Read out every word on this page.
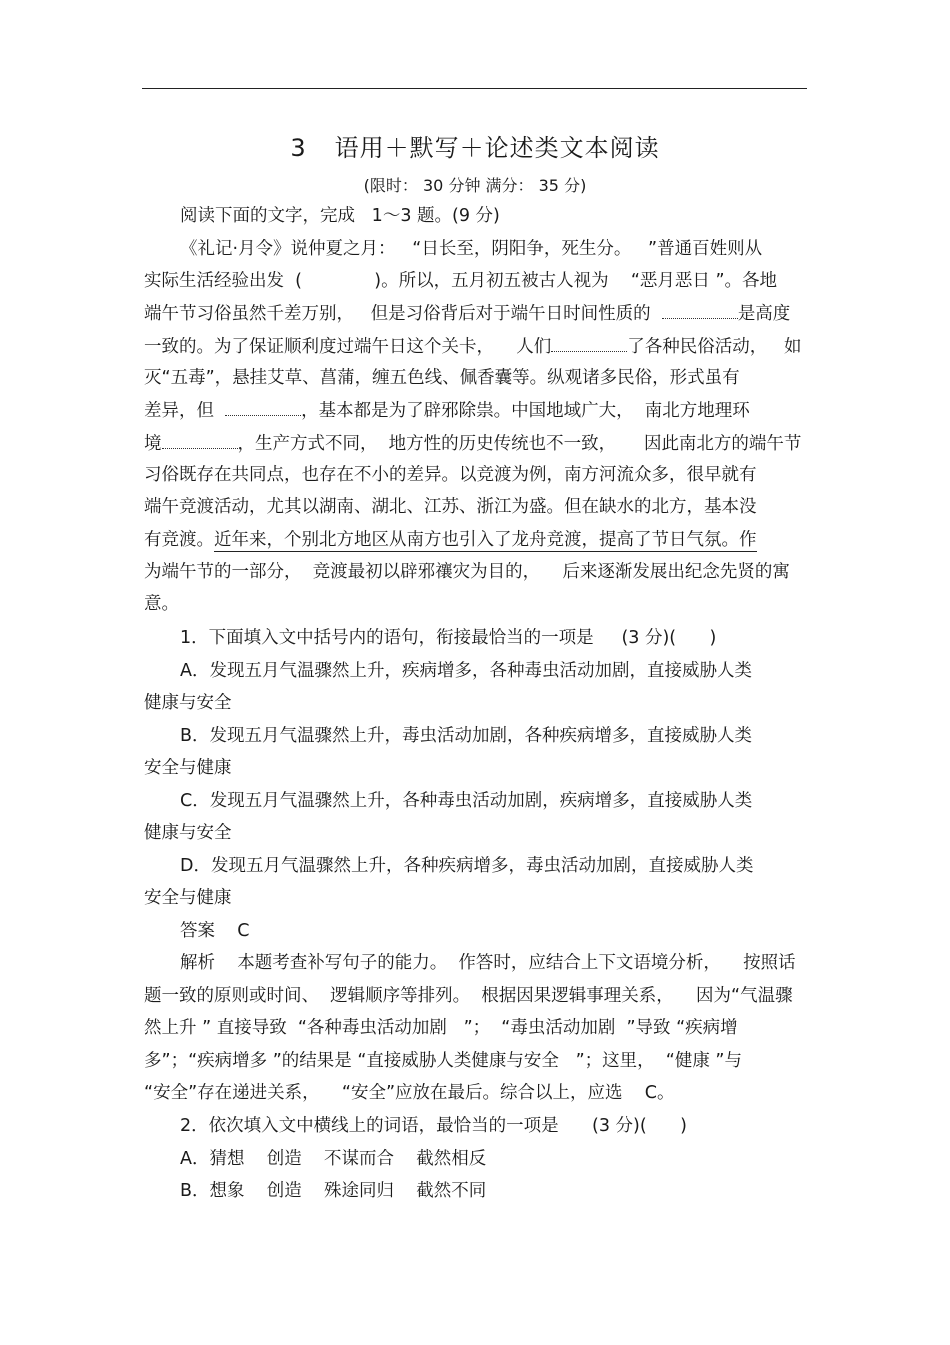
3 语用＋默写＋论述类文本阅读
(限时： 30 分钟 满分： 35 分)
阅读下面的文字，完成   1～3 题。(9 分)
《礼记·月令》说仲夏之月：   “日长至，阴阳争，死生分。   ”普通百姓则从
实际生活经验出发  (             )。所以，五月初五被古人视为    “恶月恶日 ”。各地
端午节习俗虽然千差万别，   但是习俗背后对于端午日时间性质的	是高度
一致的。为了保证顺利度过端午日这个关卡，    人们	了各种民俗活动，   如
灭“五毒”，悬挂艾草、菖蒲，缠五色线、佩香囊等。纵观诸多民俗，形式虽有
差异，但	，基本都是为了辟邪除祟。中国地域广大，  南北方地理环
境	，生产方式不同，  地方性的历史传统也不一致，     因此南北方的端午节
习俗既存在共同点，也存在不小的差异。以竞渡为例，南方河流众多，很早就有
端午竞渡活动，尤其以湖南、湖北、江苏、浙江为盛。但在缺水的北方，基本没
有竞渡。近年来，个别北方地区从南方也引入了龙舟竞渡，提高了节日气氛。作
为端午节的一部分，  竞渡最初以辟邪禳灾为目的，    后来逐渐发展出纪念先贤的寓
意。
1．下面填入文中括号内的语句，衔接最恰当的一项是     (3 分)(      )
A．发现五月气温骤然上升，疾病增多，各种毒虫活动加剧，直接威胁人类
健康与安全
B．发现五月气温骤然上升，毒虫活动加剧，各种疾病增多，直接威胁人类
安全与健康
C．发现五月气温骤然上升，各种毒虫活动加剧，疾病增多，直接威胁人类
健康与安全
D．发现五月气温骤然上升，各种疾病增多，毒虫活动加剧，直接威胁人类
安全与健康
答案    C
解析    本题考查补写句子的能力。  作答时，应结合上下文语境分析，    按照话
题一致的原则或时间、  逻辑顺序等排列。  根据因果逻辑事理关系，    因为“气温骤
然上升 ” 直接导致  “各种毒虫活动加剧   ”；  “毒虫活动加剧  ”导致 “疾病增
多”；“疾病增多 ”的结果是 “直接威胁人类健康与安全   ”；这里，  “健康 ”与
“安全”存在递进关系，    “安全”应放在最后。综合以上，应选    C。
2．依次填入文中横线上的词语，最恰当的一项是      (3 分)(      )
A．猜想    创造    不谋而合    截然相反
B．想象    创造    殊途同归    截然不同
